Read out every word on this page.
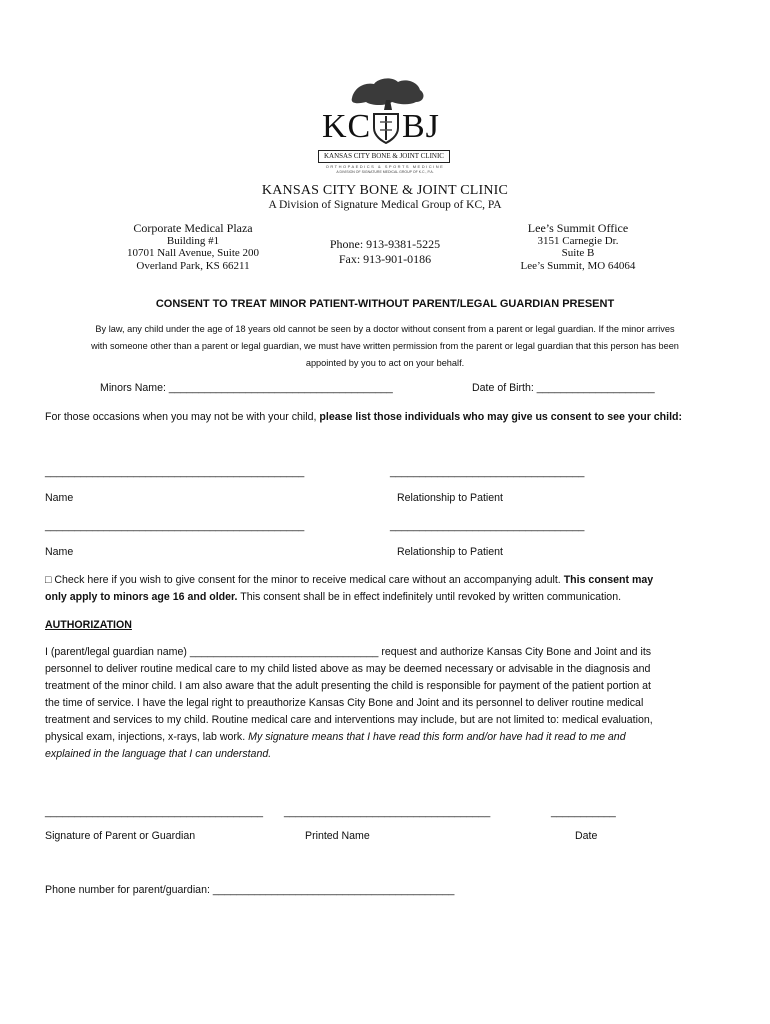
KC BJ
KANSAS CITY BONE & JOINT CLINIC
ORTHOPAEDICS & SPORTS MEDICINE
A DIVISION OF SIGNATURE MEDICAL GROUP OF K.C., P.A.
KANSAS CITY BONE & JOINT CLINIC
A Division of Signature Medical Group of KC, PA
Corporate Medical Plaza
Building #1
10701 Nall Avenue, Suite 200
Overland Park, KS 66211
Phone: 913-9381-5225
Fax: 913-901-0186
Lee’s Summit Office
3151 Carnegie Dr.
Suite B
Lee’s Summit, MO 64064
CONSENT TO TREAT MINOR PATIENT-WITHOUT PARENT/LEGAL GUARDIAN PRESENT
By law, any child under the age of 18 years old cannot be seen by a doctor without consent from a parent or legal guardian. If the minor arrives
with someone other than a parent or legal guardian, we must have written permission from the parent or legal guardian that this person has been
appointed by you to act on your behalf.
Minors Name: ______________________________________	Date of Birth: ____________________
For those occasions when you may not be with your child, please list those individuals who may give us consent to see your child:
____________________________________________	_________________________________
Name	Relationship to Patient
____________________________________________	_________________________________
Name	Relationship to Patient
□ Check here if you wish to give consent for the minor to receive medical care without an accompanying adult. This consent may
only apply to minors age 16 and older. This consent shall be in effect indefinitely until revoked by written communication.
AUTHORIZATION
I (parent/legal guardian name) ________________________________ request and authorize Kansas City Bone and Joint and its
personnel to deliver routine medical care to my child listed above as may be deemed necessary or advisable in the diagnosis and
treatment of the minor child. I am also aware that the adult presenting the child is responsible for payment of the patient portion at
the time of service. I have the legal right to preauthorize Kansas City Bone and Joint and its personnel to deliver routine medical
treatment and services to my child. Routine medical care and interventions may include, but are not limited to: medical evaluation,
physical exam, injections, x-rays, lab work. My signature means that I have read this form and/or have had it read to me and
explained in the language that I can understand.
_____________________________________ ___________________________________	___________
Signature of Parent or Guardian	Printed Name	Date
Phone number for parent/guardian: _________________________________________
